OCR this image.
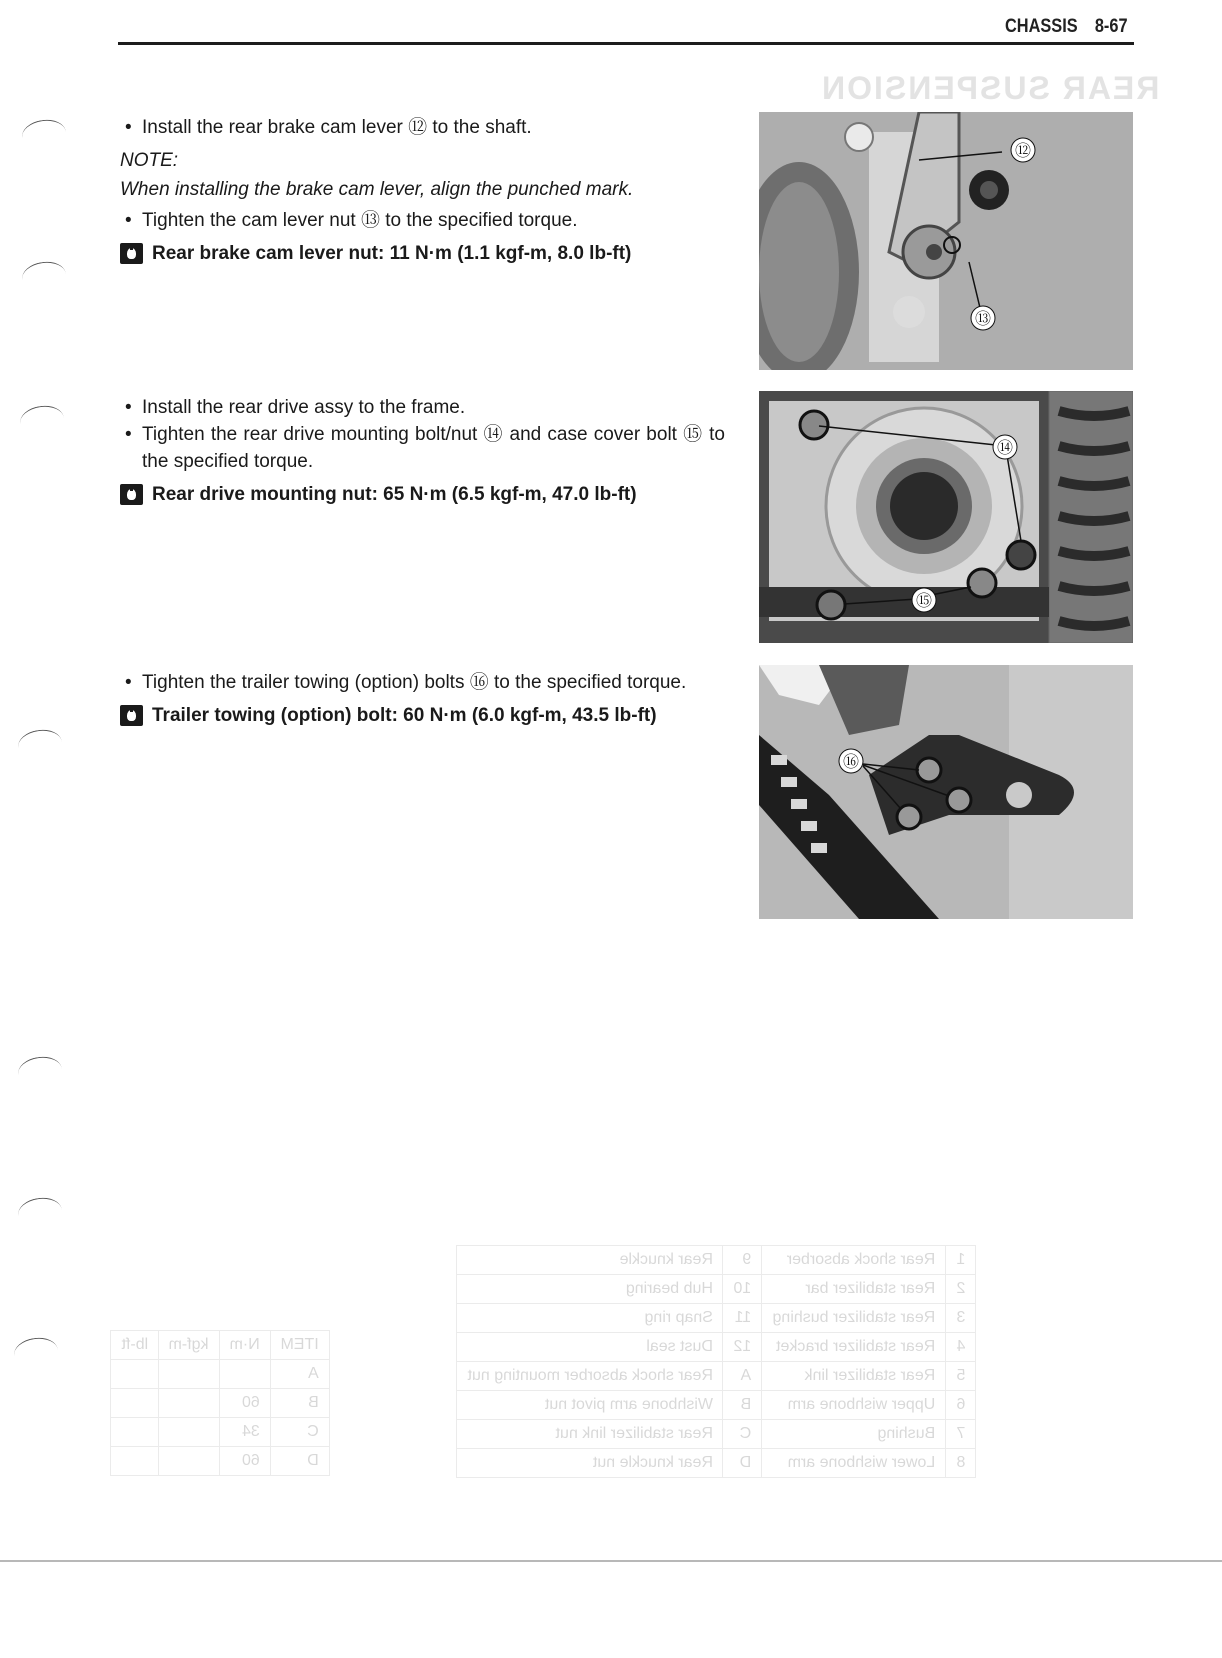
REAR SUSPENSION
CHASSIS 8-67
• Install the rear brake cam lever ⑫ to the shaft.
NOTE:
When installing the brake cam lever, align the punched mark.
• Tighten the cam lever nut ⑬ to the specified torque.
Rear brake cam lever nut: 11 N·m (1.1 kgf-m, 8.0 lb-ft)
• Install the rear drive assy to the frame.
• Tighten the rear drive mounting bolt/nut ⑭ and case cover bolt ⑮ to the specified torque.
Rear drive mounting nut: 65 N·m (6.5 kgf-m, 47.0 lb-ft)
• Tighten the trailer towing (option) bolts ⑯ to the specified torque.
Trailer towing (option) bolt: 60 N·m (6.0 kgf-m, 43.5 lb-ft)
⑫
⑬
⑭
⑮
⑯
lb-ft	kgf-m	N·m	ITEM
			A
		60	B
		34	C
		60	D
Rear knuckle	9	Rear shock absorber	1
Hub bearing	10	Rear stabilizer bar	2
Snap ring	11	Rear stabilizer bushing	3
Dust seal	12	Rear stabilizer bracket	4
Rear shock absorber mounting nut	A	Rear stabilizer link	5
Wishbone arm pivot nut	B	Upper wishbone arm	6
Rear stabilizer link nut	C	Bushing	7
Rear knuckle nut	D	Lower wishbone arm	8
